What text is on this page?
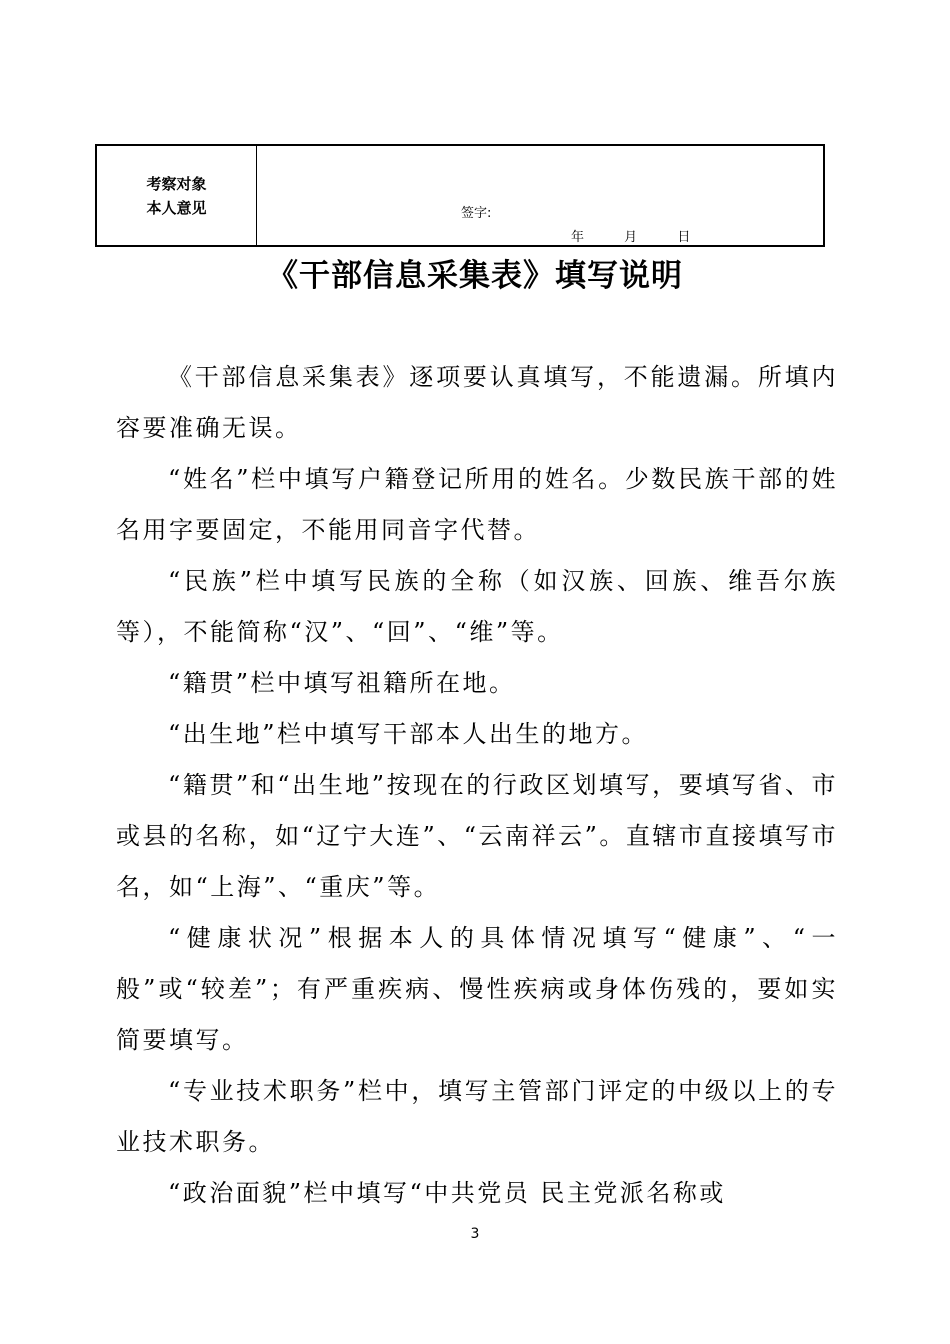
考察对象
本人意见	签字:
年	月	日
《干部信息采集表》填写说明

《干部信息采集表》逐项要认真填写，不能遗漏。所填内容要准确无误。

“姓名”栏中填写户籍登记所用的姓名。少数民族干部的姓名用字要固定，不能用同音字代替。

“民族”栏中填写民族的全称（如汉族、回族、维吾尔族等），不能简称“汉”、“回”、“维”等。

“籍贯”栏中填写祖籍所在地。

“出生地”栏中填写干部本人出生的地方。

“籍贯”和“出生地”按现在的行政区划填写，要填写省、市或县的名称，如“辽宁大连”、“云南祥云”。直辖市直接填写市名，如“上海”、“重庆”等。

“健康状况”根据本人的具体情况填写“健康”、“一般”或“较差”；有严重疾病、慢性疾病或身体伤残的，要如实简要填写。

“专业技术职务”栏中，填写主管部门评定的中级以上的专业技术职务。

“政治面貌”栏中填写“中共党员 民主党派名称或

3
